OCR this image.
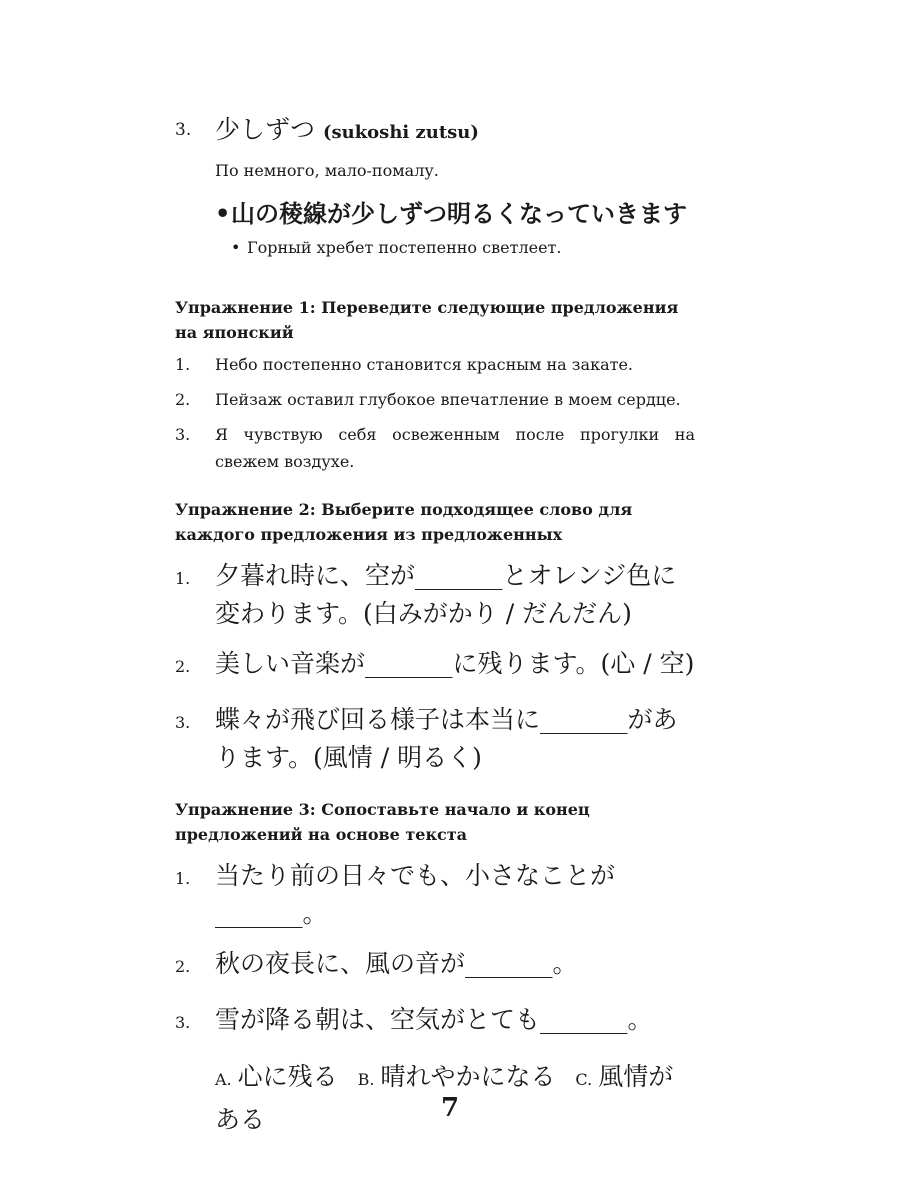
3. 少しずつ (sukoshi zutsu)
По немного, мало-помалу.
•山の稜線が少しずつ明るくなっていきます
• Горный хребет постепенно светлеет.
Упражнение 1: Переведите следующие предложения на японский
1.	Небо постепенно становится красным на закате.
2.	Пейзаж оставил глубокое впечатление в моем сердце.
3.	Я чувствую себя освеженным после прогулки на свежем воздухе.
Упражнение 2: Выберите подходящее слово для каждого предложения из предложенных
1. 夕暮れ時に、空が_______とオレンジ色に変わります。(白みがかり / だんだん)
2. 美しい音楽が_______に残ります。(心 / 空)
3. 蝶々が飛び回る様子は本当に_______があります。(風情 / 明るく)
Упражнение 3: Сопоставьте начало и конец предложений на основе текста
1. 当たり前の日々でも、小さなことが_______。
2. 秋の夜長に、風の音が_______。
3. 雪が降る朝は、空気がとても_______。
A. 心に残る B. 晴れやかになる C. 風情がある	7
